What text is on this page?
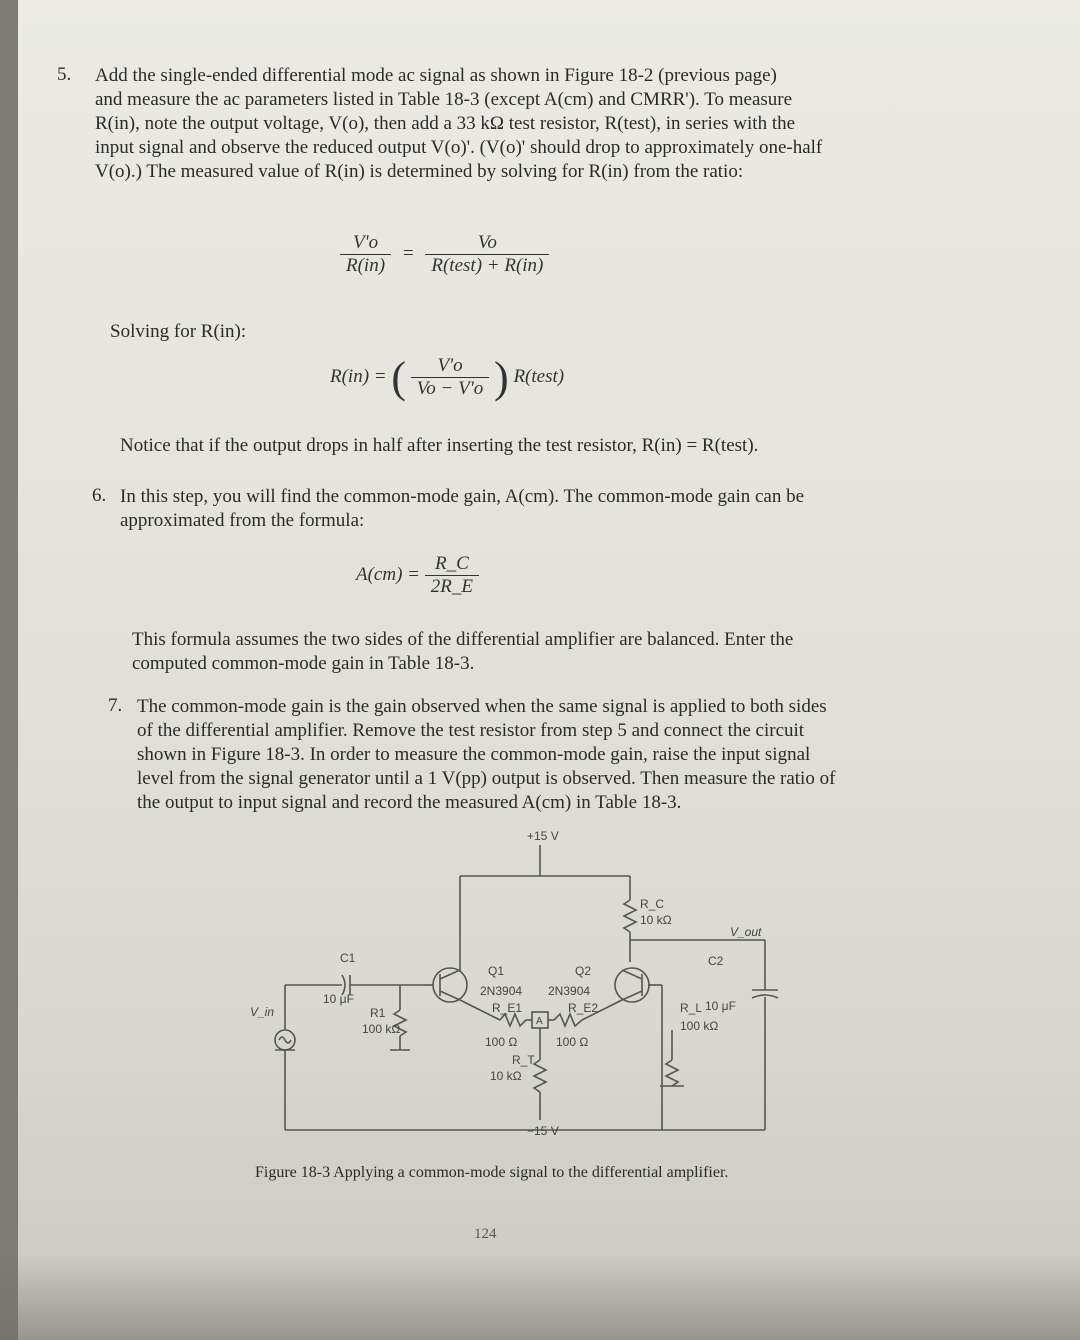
5. Add the single-ended differential mode ac signal as shown in Figure 18-2 (previous page)
and measure the ac parameters listed in Table 18-3 (except A(cm) and CMRR'). To measure
R(in), note the output voltage, V(o), then add a 33 kΩ test resistor, R(test), in series with the
input signal and observe the reduced output V(o)'. (V(o)' should drop to approximately one-half
V(o).) The measured value of R(in) is determined by solving for R(in) from the ratio:
$\frac{V'o}{R(in)} = \frac{Vo}{\text{R(test) + R(in)}}$
Solving for R(in):
R(in) = ( $\frac{V'o}{Vo - V'o}$ ) R(test)
Notice that if the output drops in half after inserting the test resistor, R(in) = R(test).
6. In this step, you will find the common-mode gain, A(cm). The common-mode gain can be
approximated from the formula:
$A(cm) = \frac{R\_C}{2R\_E}$
This formula assumes the two sides of the differential amplifier are balanced. Enter the
computed common-mode gain in Table 18-3.
7. The common-mode gain is the gain observed when the same signal is applied to both sides
of the differential amplifier. Remove the test resistor from step 5 and connect the circuit
shown in Figure 18-3. In order to measure the common-mode gain, raise the input signal
level from the signal generator until a 1 V(pp) output is observed. Then measure the ratio of
the output to input signal and record the measured A(cm) in Table 18-3.
+15 V
−15 V
R_C
10 kΩ
V_out
C1
10 μF
R1
100 kΩ
Q1
2N3904
Q2
2N3904
R_E1
100 Ω
A
R_E2
100 Ω
R_T
10 kΩ
C2
10 μF
R_L
100 kΩ
V_in
Figure 18-3 Applying a common-mode signal to the differential amplifier.
124
